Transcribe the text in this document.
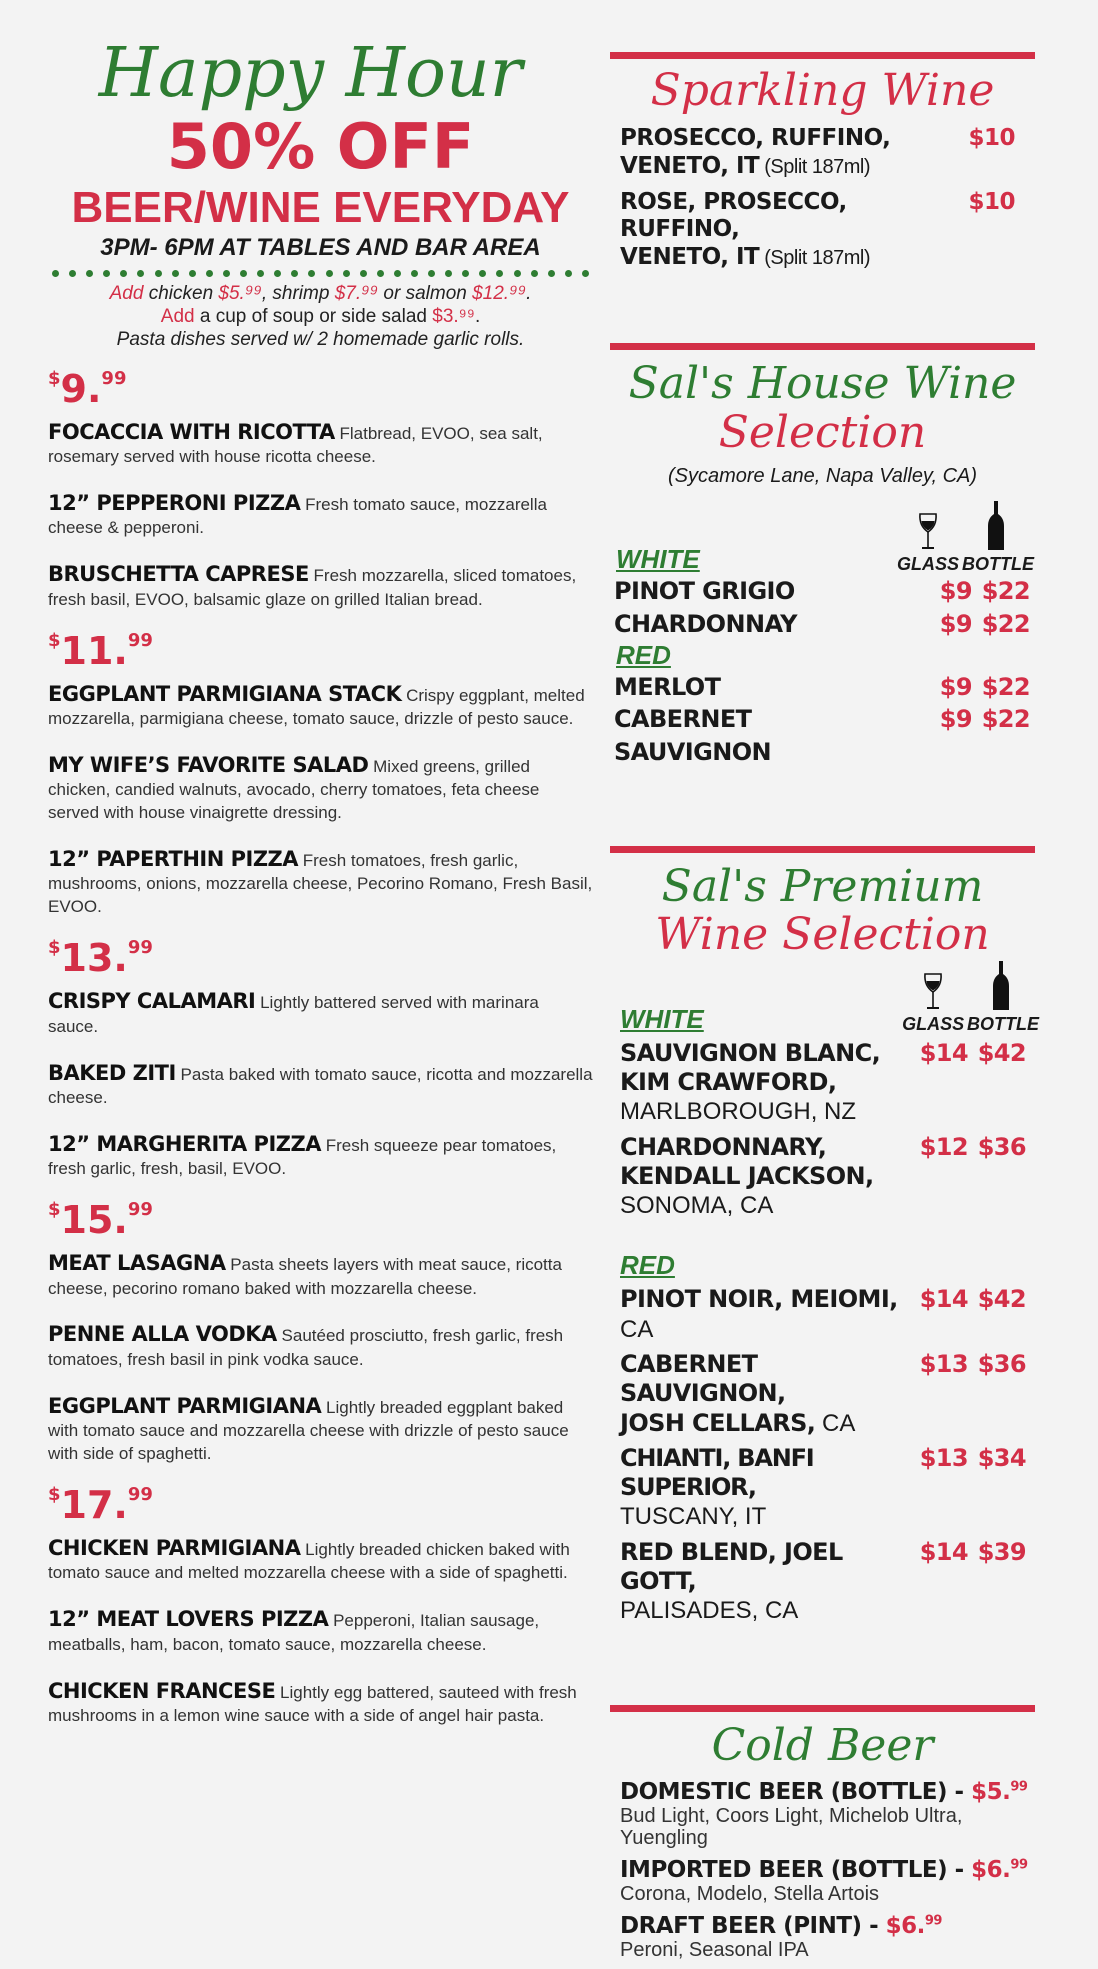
Happy Hour
50% OFF
BEER/WINE EVERYDAY
3PM- 6PM AT TABLES AND BAR AREA
Add chicken $5.⁹⁹, shrimp $7.⁹⁹ or salmon $12.⁹⁹.
Add a cup of soup or side salad $3.⁹⁹.
Pasta dishes served w/ 2 homemade garlic rolls.
$9.99
FOCACCIA WITH RICOTTA Flatbread, EVOO, sea salt, rosemary served with house ricotta cheese.
12” PEPPERONI PIZZA Fresh tomato sauce, mozzarella cheese & pepperoni.
BRUSCHETTA CAPRESE Fresh mozzarella, sliced tomatoes, fresh basil, EVOO, balsamic glaze on grilled Italian bread.
$11.99
EGGPLANT PARMIGIANA STACK Crispy eggplant, melted mozzarella, parmigiana cheese, tomato sauce, drizzle of pesto sauce.
MY WIFE’S FAVORITE SALAD Mixed greens, grilled chicken, candied walnuts, avocado, cherry tomatoes, feta cheese served with house vinaigrette dressing.
12” PAPERTHIN PIZZA Fresh tomatoes, fresh garlic, mushrooms, onions, mozzarella cheese, Pecorino Romano, Fresh Basil, EVOO.
$13.99
CRISPY CALAMARI Lightly battered served with marinara sauce.
BAKED ZITI Pasta baked with tomato sauce, ricotta and mozzarella cheese.
12” MARGHERITA PIZZA Fresh squeeze pear tomatoes, fresh garlic, fresh, basil, EVOO.
$15.99
MEAT LASAGNA Pasta sheets layers with meat sauce, ricotta cheese, pecorino romano baked with mozzarella cheese.
PENNE ALLA VODKA Sautéed prosciutto, fresh garlic, fresh tomatoes, fresh basil in pink vodka sauce.
EGGPLANT PARMIGIANA Lightly breaded eggplant baked with tomato sauce and mozzarella cheese with drizzle of pesto sauce with side of spaghetti.
$17.99
CHICKEN PARMIGIANA Lightly breaded chicken baked with tomato sauce and melted mozzarella cheese with a side of spaghetti.
12” MEAT LOVERS PIZZA Pepperoni, Italian sausage, meatballs, ham, bacon, tomato sauce, mozzarella cheese.
CHICKEN FRANCESE Lightly egg battered, sauteed with fresh mushrooms in a lemon wine sauce with a side of angel hair pasta.
Sparkling Wine
PROSECCO, RUFFINO,
VENETO, IT (Split 187ml)
$10
ROSE, PROSECCO, RUFFINO,
VENETO, IT (Split 187ml)
$10
Sal's House Wine
Selection
(Sycamore Lane, Napa Valley, CA)
WHITE	GLASS BOTTLE
PINOT GRIGIO	$9 $22
CHARDONNAY	$9 $22
RED
MERLOT	$9 $22
CABERNET SAUVIGNON
$9 $22
Sal's Premium
Wine Selection
WHITE	GLASS BOTTLE
SAUVIGNON BLANC,
KIM CRAWFORD,
MARLBOROUGH, NZ
$14 $42
CHARDONNARY,
KENDALL JACKSON,
SONOMA, CA
$12 $36
RED
PINOT NOIR, MEIOMI, CA
$14 $42
CABERNET SAUVIGNON,
JOSH CELLARS, CA
$13 $36
CHIANTI, BANFI SUPERIOR,
TUSCANY, IT
$13 $34
RED BLEND, JOEL GOTT,
PALISADES, CA
$14 $39
Cold Beer
DOMESTIC BEER (BOTTLE) - $5.99
Bud Light, Coors Light, Michelob Ultra, Yuengling
IMPORTED BEER (BOTTLE) - $6.99
Corona, Modelo, Stella Artois
DRAFT BEER (PINT) - $6.99
Peroni, Seasonal IPA
